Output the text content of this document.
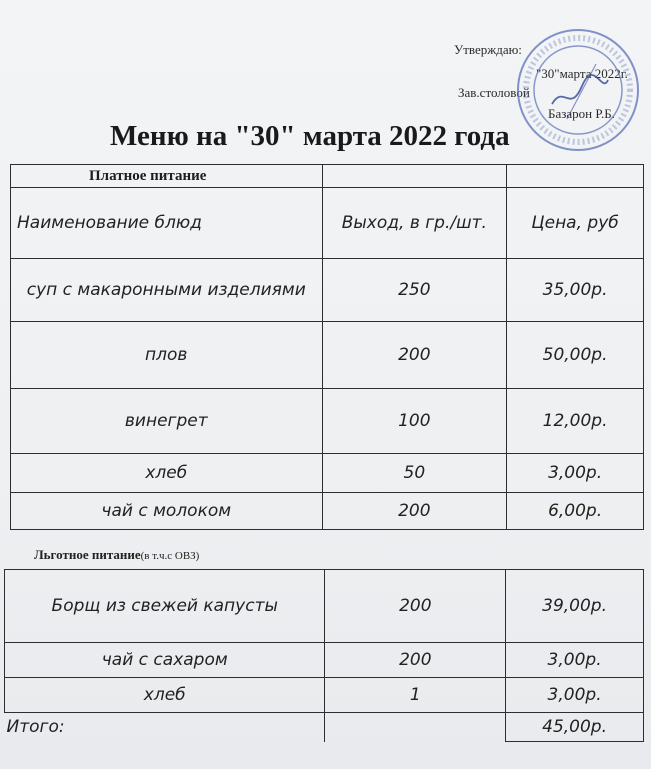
Утверждаю:
"30"марта 2022г.
Зав.столовой
Базарон Р.Б.
Меню на "30" марта 2022 года
Платное питание		
Наименование блюд	Выход, в гр./шт.	Цена, руб
суп с макаронными изделиями	250	35,00р.
плов	200	50,00р.
винегрет	100	12,00р.
хлеб	50	3,00р.
чай с молоком	200	6,00р.
Льготное питание(в т.ч.с ОВЗ)
Борщ из свежей капусты	200	39,00р.
чай с сахаром	200	3,00р.
хлеб	1	3,00р.
Итого:		45,00р.
